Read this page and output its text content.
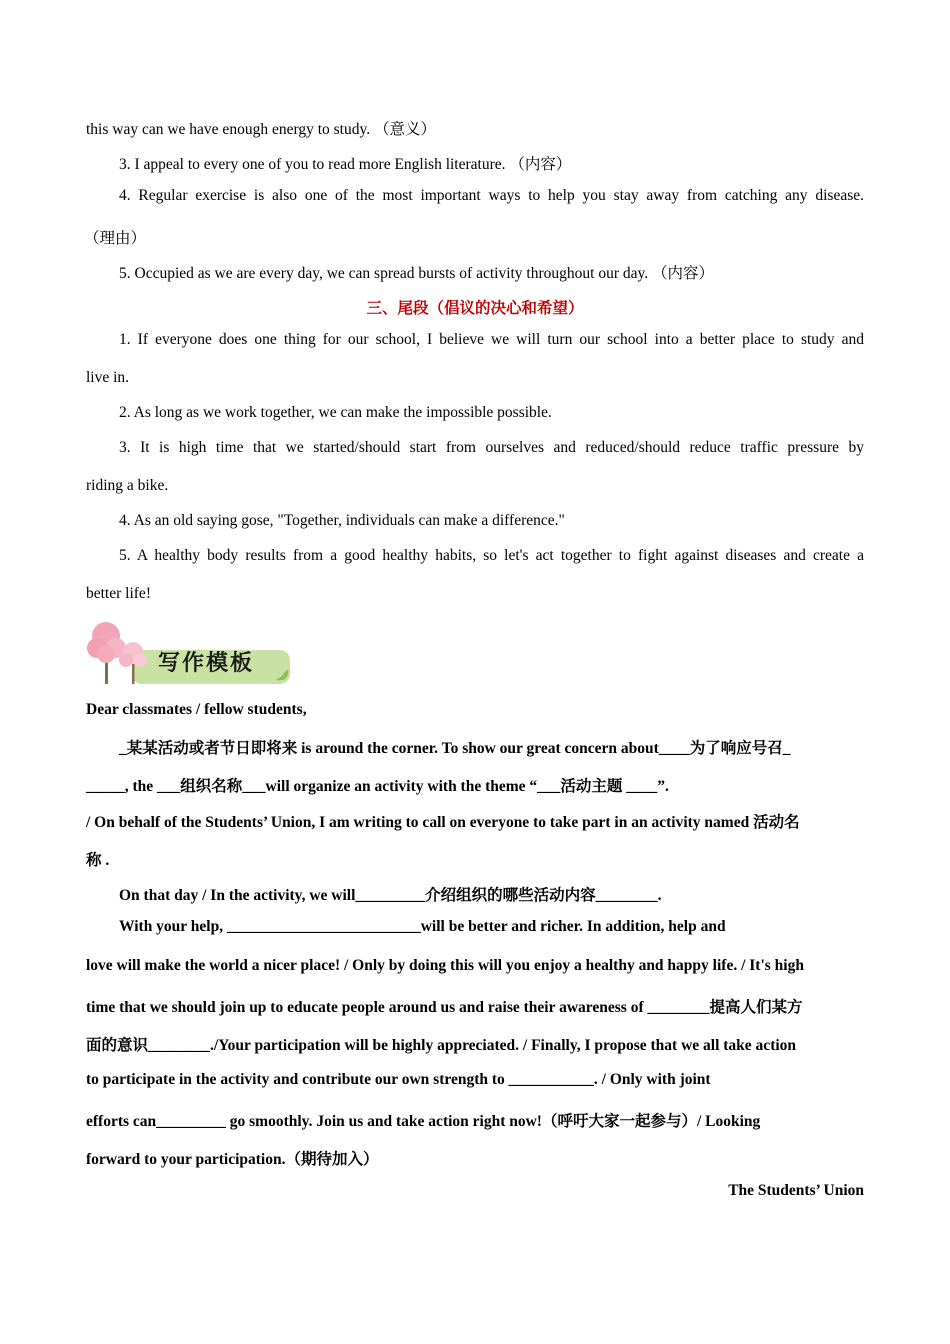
this way can we have enough energy to study. （意义）
3. I appeal to every one of you to read more English literature. （内容）
4. Regular exercise is also one of the most important ways to help you stay away from catching any disease.
（理由）
5. Occupied as we are every day, we can spread bursts of activity throughout our day. （内容）
三、尾段（倡议的决心和希望）
1. If everyone does one thing for our school, I believe we will turn our school into a better place to study and
live in.
2. As long as we work together, we can make the impossible possible.
3. It is high time that we started/should start from ourselves and reduced/should reduce traffic pressure by
riding a bike.
4. As an old saying gose, "Together, individuals can make a difference."
5. A healthy body results from a good healthy habits, so let's act together to fight against diseases and create a
better life!
写作模板
Dear classmates / fellow students,
_某某活动或者节日即将来 is around the corner. To show our great concern about____为了响应号召_
_____, the ___组织名称___will organize an activity with the theme “___活动主题 ____”.
/ On behalf of the Students’ Union, I am writing to call on everyone to take part in an activity named 活动名
称 .
On that day / In the activity, we will_________介绍组织的哪些活动内容________.
With your help, _________________________will be better and richer. In addition, help and
love will make the world a nicer place! / Only by doing this will you enjoy a healthy and happy life. / It's high
time that we should join up to educate people around us and raise their awareness of ________提高人们某方
面的意识________./Your participation will be highly appreciated. / Finally, I propose that we all take action
to participate in the activity and contribute our own strength to ___________. / Only with joint
efforts can_________ go smoothly. Join us and take action right now!（呼吁大家一起参与）/ Looking
forward to your participation.（期待加入）
The Students’ Union
